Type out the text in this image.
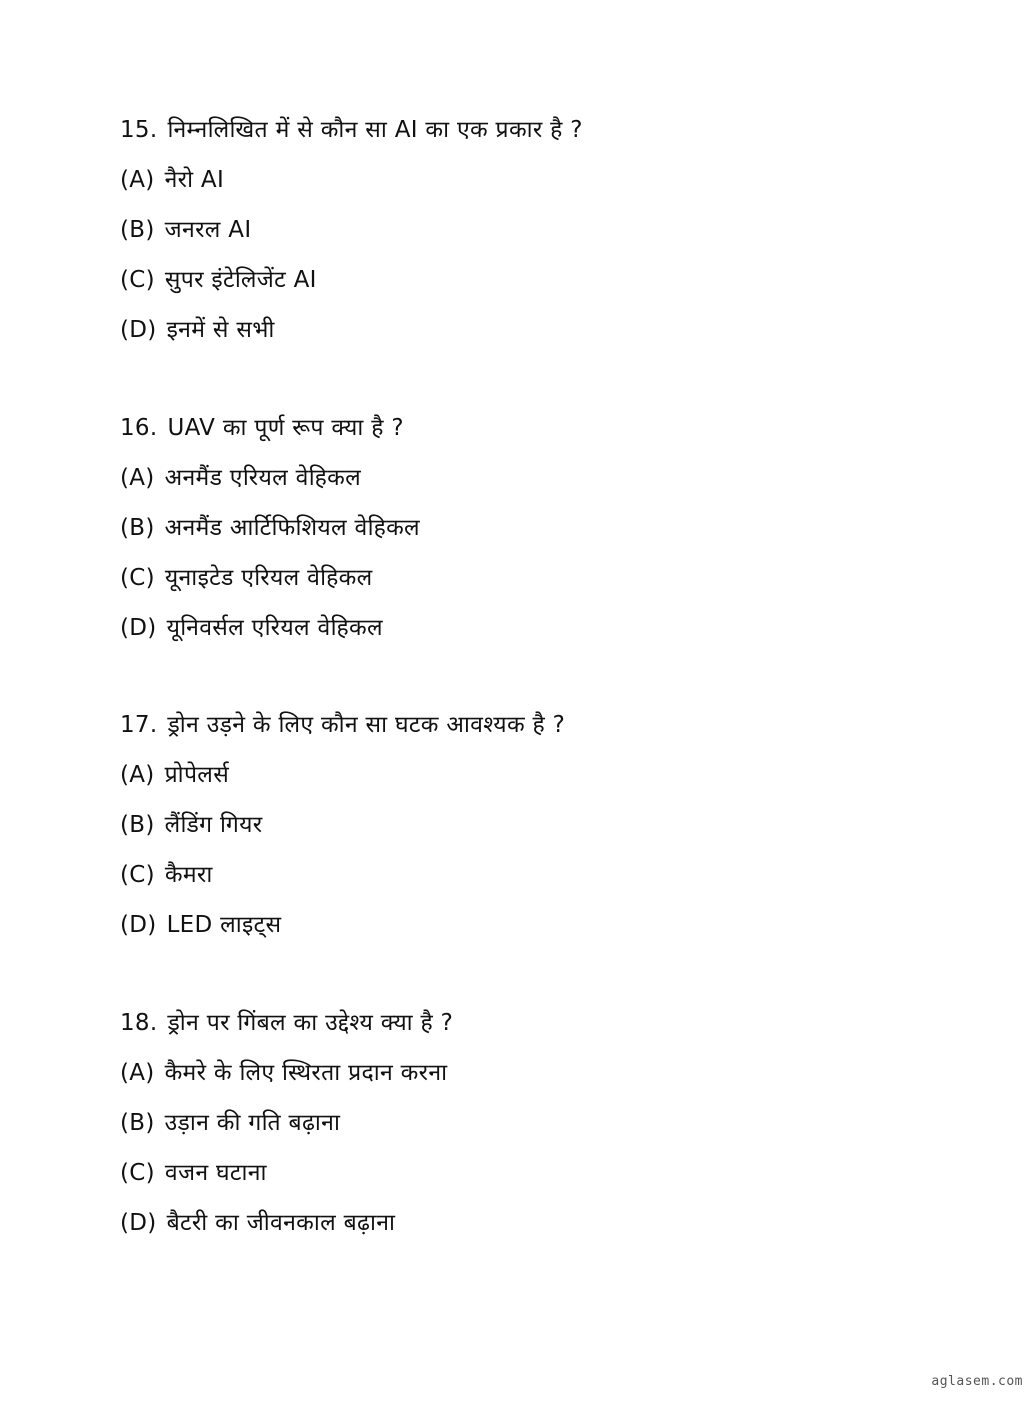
15. निम्नलिखित में से कौन सा AI का एक प्रकार है ?
(A) नैरो AI
(B) जनरल AI
(C) सुपर इंटेलिजेंट AI
(D) इनमें से सभी
16. UAV का पूर्ण रूप क्या है ?
(A) अनमैंड एरियल वेहिकल
(B) अनमैंड आर्टिफिशियल वेहिकल
(C) यूनाइटेड एरियल वेहिकल
(D) यूनिवर्सल एरियल वेहिकल
17. ड्रोन उड़ने के लिए कौन सा घटक आवश्यक है ?
(A) प्रोपेलर्स
(B) लैंडिंग गियर
(C) कैमरा
(D) LED लाइट्स
18. ड्रोन पर गिंबल का उद्देश्य क्या है ?
(A) कैमरे के लिए स्थिरता प्रदान करना
(B) उड़ान की गति बढ़ाना
(C) वजन घटाना
(D) बैटरी का जीवनकाल बढ़ाना
aglasem.com
